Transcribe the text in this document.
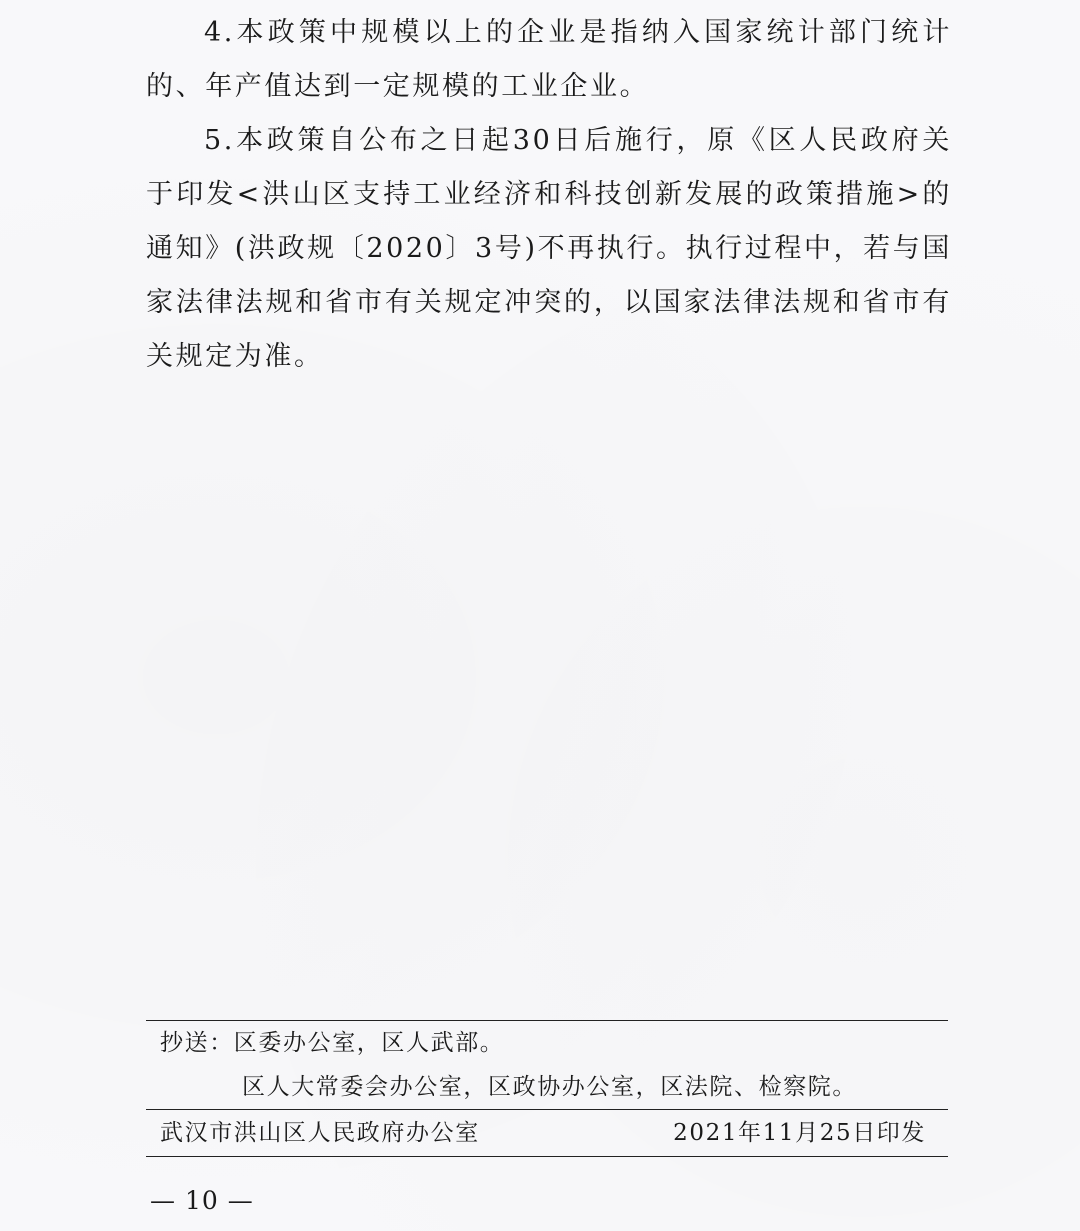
4.本政策中规模以上的企业是指纳入国家统计部门统计的、年产值达到一定规模的工业企业。

5.本政策自公布之日起30日后施行，原《区人民政府关于印发<洪山区支持工业经济和科技创新发展的政策措施>的通知》(洪政规〔2020〕3号)不再执行。执行过程中，若与国家法律法规和省市有关规定冲突的，以国家法律法规和省市有关规定为准。

抄送：区委办公室，区人武部。
区人大常委会办公室，区政协办公室，区法院、检察院。
武汉市洪山区人民政府办公室	2021年11月25日印发
— 10 —
